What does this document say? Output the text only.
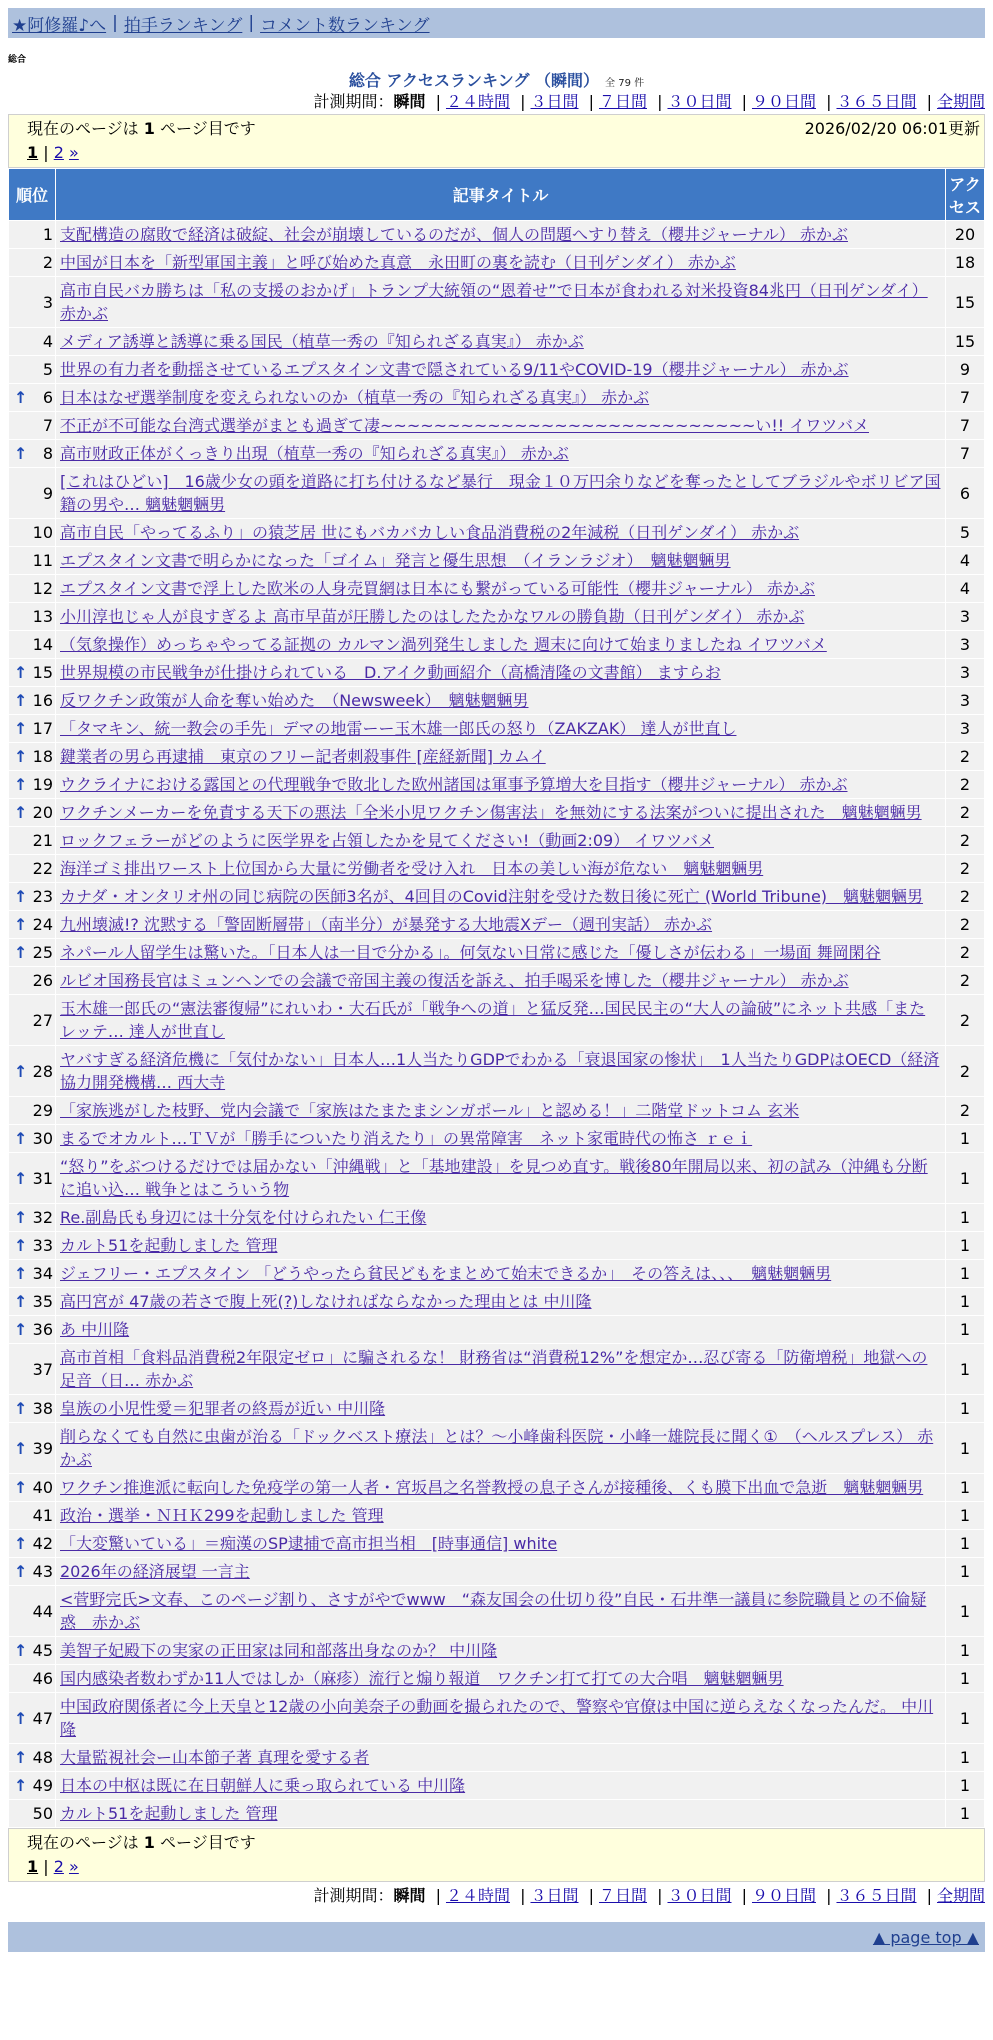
★阿修羅♪へ | 拍手ランキング | コメント数ランキング
総合
総合 アクセスランキング （瞬間） 全 79 件
計測期間：瞬間 | ２４時間 | ３日間 | ７日間 | ３０日間 | ９０日間 | ３６５日間 | 全期間
現在のページは 1 ページ目です	2026/02/20 06:01更新
1 | 2 »
順位	記事タイトル	アクセス
1	支配構造の腐敗で経済は破綻、社会が崩壊しているのだが、個人の問題へすり替え（櫻井ジャーナル） 赤かぶ	20
2	中国が日本を「新型軍国主義」と呼び始めた真意　永田町の裏を読む（日刊ゲンダイ） 赤かぶ	18
3	高市自民バカ勝ちは「私の支援のおかげ」トランプ大統領の“恩着せ”で日本が食われる対米投資84兆円（日刊ゲンダイ） 赤かぶ	15
4	メディア誘導と誘導に乗る国民（植草一秀の『知られざる真実』） 赤かぶ	15
5	世界の有力者を動揺させているエプスタイン文書で隠されている9/11やCOVID-19（櫻井ジャーナル） 赤かぶ	9

↑ 6	日本はなぜ選挙制度を変えられないのか（植草一秀の『知られざる真実』） 赤かぶ	7
7	不正が不可能な台湾式選挙がまとも過ぎて凄~~~~~~~~~~~~~~~~~~~~~~~~~~~~い!! イワツバメ	7

↑ 8	高市财政正体がくっきり出現（植草一秀の『知られざる真実』） 赤かぶ	7
9	[これはひどい]　16歳少女の頭を道路に打ち付けるなど暴行　現金１０万円余りなどを奪ったとしてブラジルやボリビア国籍の男や… 魑魅魍魎男	6
10	高市自民「やってるふり」の猿芝居 世にもバカバカしい食品消費税の2年減税（日刊ゲンダイ） 赤かぶ	5
11	エプスタイン文書で明らかになった「ゴイム」発言と優生思想　（イランラジオ）　魑魅魍魎男	4
12	エプスタイン文書で浮上した欧米の人身売買網は日本にも繋がっている可能性（櫻井ジャーナル） 赤かぶ	4
13	小川淳也じゃ人が良すぎるよ 高市早苗が圧勝したのはしたたかなワルの勝負勘（日刊ゲンダイ） 赤かぶ	3
14	（気象操作）めっちゃやってる証拠の カルマン渦列発生しました 週末に向けて始まりましたね イワツバメ	3

↑ 15	世界規模の市民戦争が仕掛けられている　D.アイク動画紹介（高橋清隆の文書館） ますらお	3

↑ 16	反ワクチン政策が人命を奪い始めた　（Newsweek）　魑魅魍魎男	3

↑ 17	「タマキン、統一教会の手先」デマの地雷ーー玉木雄一郎氏の怒り（ZAKZAK） 達人が世直し	3

↑ 18	鍵業者の男ら再逮捕　東京のフリー記者刺殺事件 [産経新聞] カムイ	2

↑ 19	ウクライナにおける露国との代理戦争で敗北した欧州諸国は軍事予算増大を目指す（櫻井ジャーナル） 赤かぶ	2

↑ 20	ワクチンメーカーを免責する天下の悪法「全米小児ワクチン傷害法」を無効にする法案がついに提出された　魑魅魍魎男	2
21	ロックフェラーがどのように医学界を占領したかを見てください!（動画2:09） イワツバメ	2
22	海洋ゴミ排出ワースト上位国から大量に労働者を受け入れ　日本の美しい海が危ない　魑魅魍魎男	2

↑ 23	カナダ・オンタリオ州の同じ病院の医師3名が、4回目のCovid注射を受けた数日後に死亡 (World Tribune)　魑魅魍魎男	2

↑ 24	九州壊滅!? 沈黙する「警固断層帯」（南半分）が暴発する大地震Xデー（週刊実話） 赤かぶ	2

↑ 25	ネパール人留学生は驚いた。「日本人は一目で分かる」。何気ない日常に感じた「優しさが伝わる」一場面 舞岡閑谷	2
26	ルビオ国務長官はミュンヘンでの会議で帝国主義の復活を訴え、拍手喝采を博した（櫻井ジャーナル） 赤かぶ	2
27	玉木雄一郎氏の“憲法審復帰”にれいわ・大石氏が「戦争への道」と猛反発…国民民主の“大人の論破”にネット共感「またレッテ… 達人が世直し	2

↑ 28	ヤバすぎる経済危機に「気付かない」日本人…1人当たりGDPでわかる「衰退国家の惨状」　1人当たりGDPはOECD（経済協力開発機構… 西大寺	2
29	「家族逃がした枝野、党内会議で「家族はたまたまシンガポール」と認める！」二階堂ドットコム 玄米	2

↑ 30	まるでオカルト…ＴＶが「勝手についたり消えたり」の異常障害　ネット家電時代の怖さ ｒｅｉ	1

↑ 31	“怒り”をぶつけるだけでは届かない「沖縄戦」と「基地建設」を見つめ直す。戦後80年開局以来、初の試み（沖縄も分断に追い込… 戦争とはこういう物	1

↑ 32	Re.副島氏も身辺には十分気を付けられたい 仁王像	1

↑ 33	カルト51を起動しました 管理	1

↑ 34	ジェフリー・エプスタイン 「どうやったら貧民どもをまとめて始末できるか」　その答えは、、、　魑魅魍魎男	1

↑ 35	高円宮が 47歳の若さで腹上死(?)しなければならなかった理由とは 中川隆	1

↑ 36	あ 中川隆	1
37	高市首相「食料品消費税2年限定ゼロ」に騙されるな！ 財務省は“消費税12%”を想定か…忍び寄る「防衛増税」地獄への足音（日… 赤かぶ	1

↑ 38	皇族の小児性愛＝犯罪者の終焉が近い 中川隆	1

↑ 39	削らなくても自然に虫歯が治る「ドックベスト療法」とは？～小峰歯科医院・小峰一雄院長に聞く①　（ヘルスプレス） 赤かぶ	1

↑ 40	ワクチン推進派に転向した免疫学の第一人者・宮坂昌之名誉教授の息子さんが接種後、くも膜下出血で急逝　魑魅魍魎男	1
41	政治・選挙・ＮＨＫ299を起動しました 管理	1

↑ 42	「大変驚いている」＝痴漢のSP逮捕で高市担当相　[時事通信] white	1

↑ 43	2026年の経済展望 一言主	1
44	<菅野完氏>文春、このページ割り、さすがやでwww　“森友国会の仕切り役”自民・石井準一議員に参院職員との不倫疑惑　赤かぶ	1

↑ 45	美智子妃殿下の実家の正田家は同和部落出身なのか？ 中川隆	1
46	国内感染者数わずか11人ではしか（麻疹）流行と煽り報道　ワクチン打て打ての大合唱　魑魅魍魎男	1

↑ 47	中国政府関係者に今上天皇と12歳の小向美奈子の動画を撮られたので、警察や官僚は中国に逆らえなくなったんだ。 中川隆	1

↑ 48	大量監視社会ー山本節子著 真理を愛する者	1

↑ 49	日本の中枢は既に在日朝鮮人に乗っ取られている 中川隆	1
50	カルト51を起動しました 管理	1
現在のページは 1 ページ目です
1 | 2 »
計測期間：瞬間 | ２４時間 | ３日間 | ７日間 | ３０日間 | ９０日間 | ３６５日間 | 全期間
▲ page top ▲
